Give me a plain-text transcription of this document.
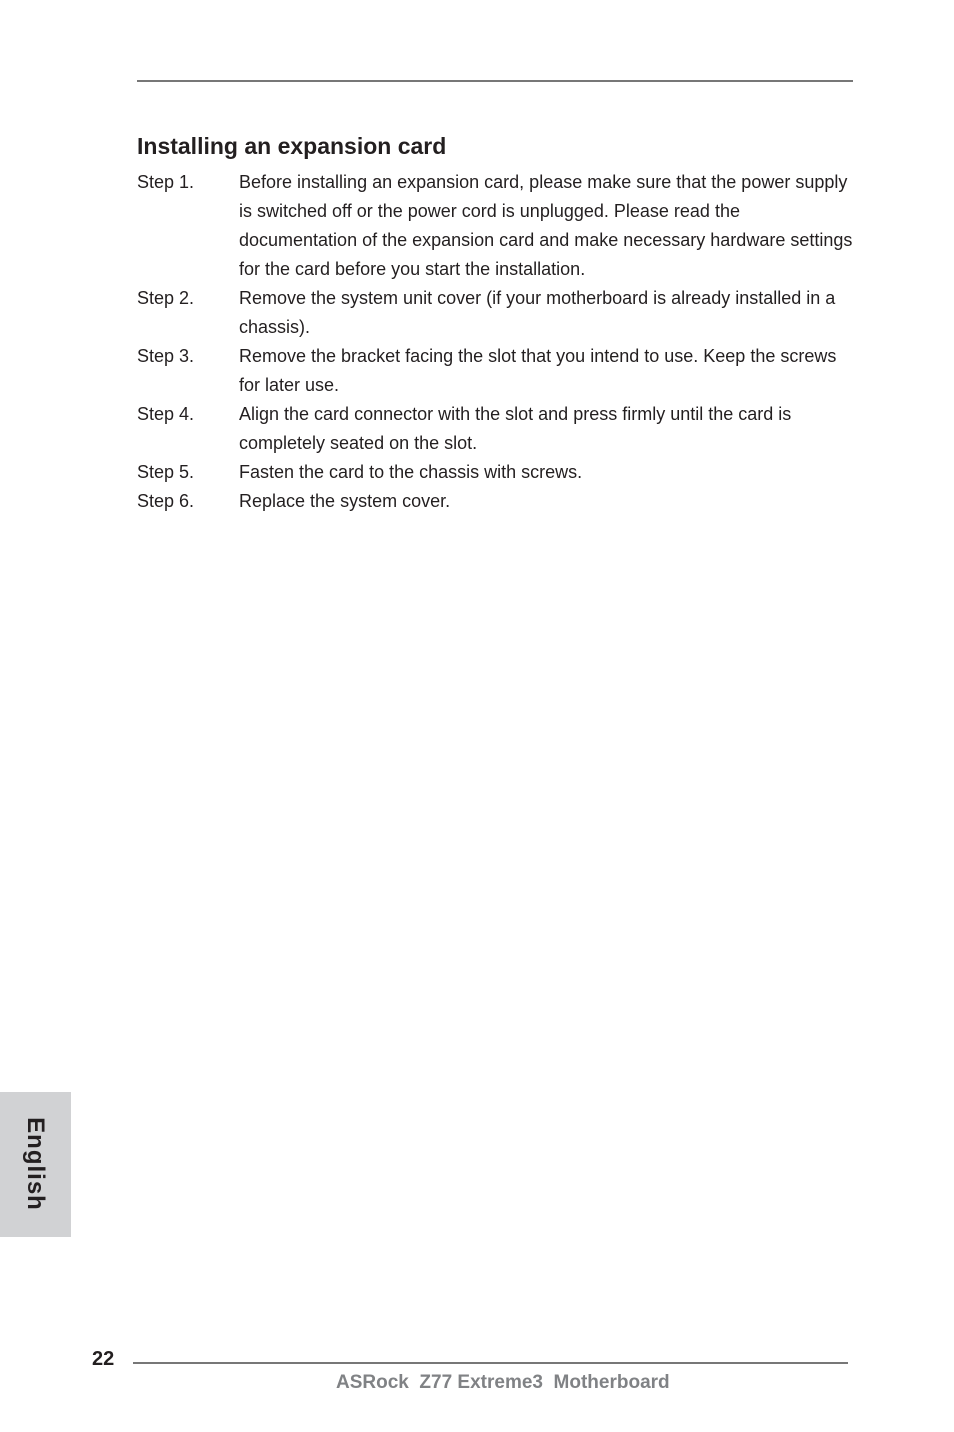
Installing an expansion card
Step 1.	Before installing an expansion card, please make sure that the power supply is switched off or the power cord is unplugged. Please read the documentation of the expansion card and make necessary hardware settings for the card before you start the installation.
Step 2.	Remove the system unit cover (if your motherboard is already installed in a chassis).
Step 3.	Remove the bracket facing the slot that you intend to use. Keep the screws for later use.
Step 4.	Align the card connector with the slot and press firmly until the card is completely seated on the slot.
Step 5.	Fasten the card to the chassis with screws.
Step 6.	Replace the system cover.
English
22
ASRock  Z77 Extreme3  Motherboard
